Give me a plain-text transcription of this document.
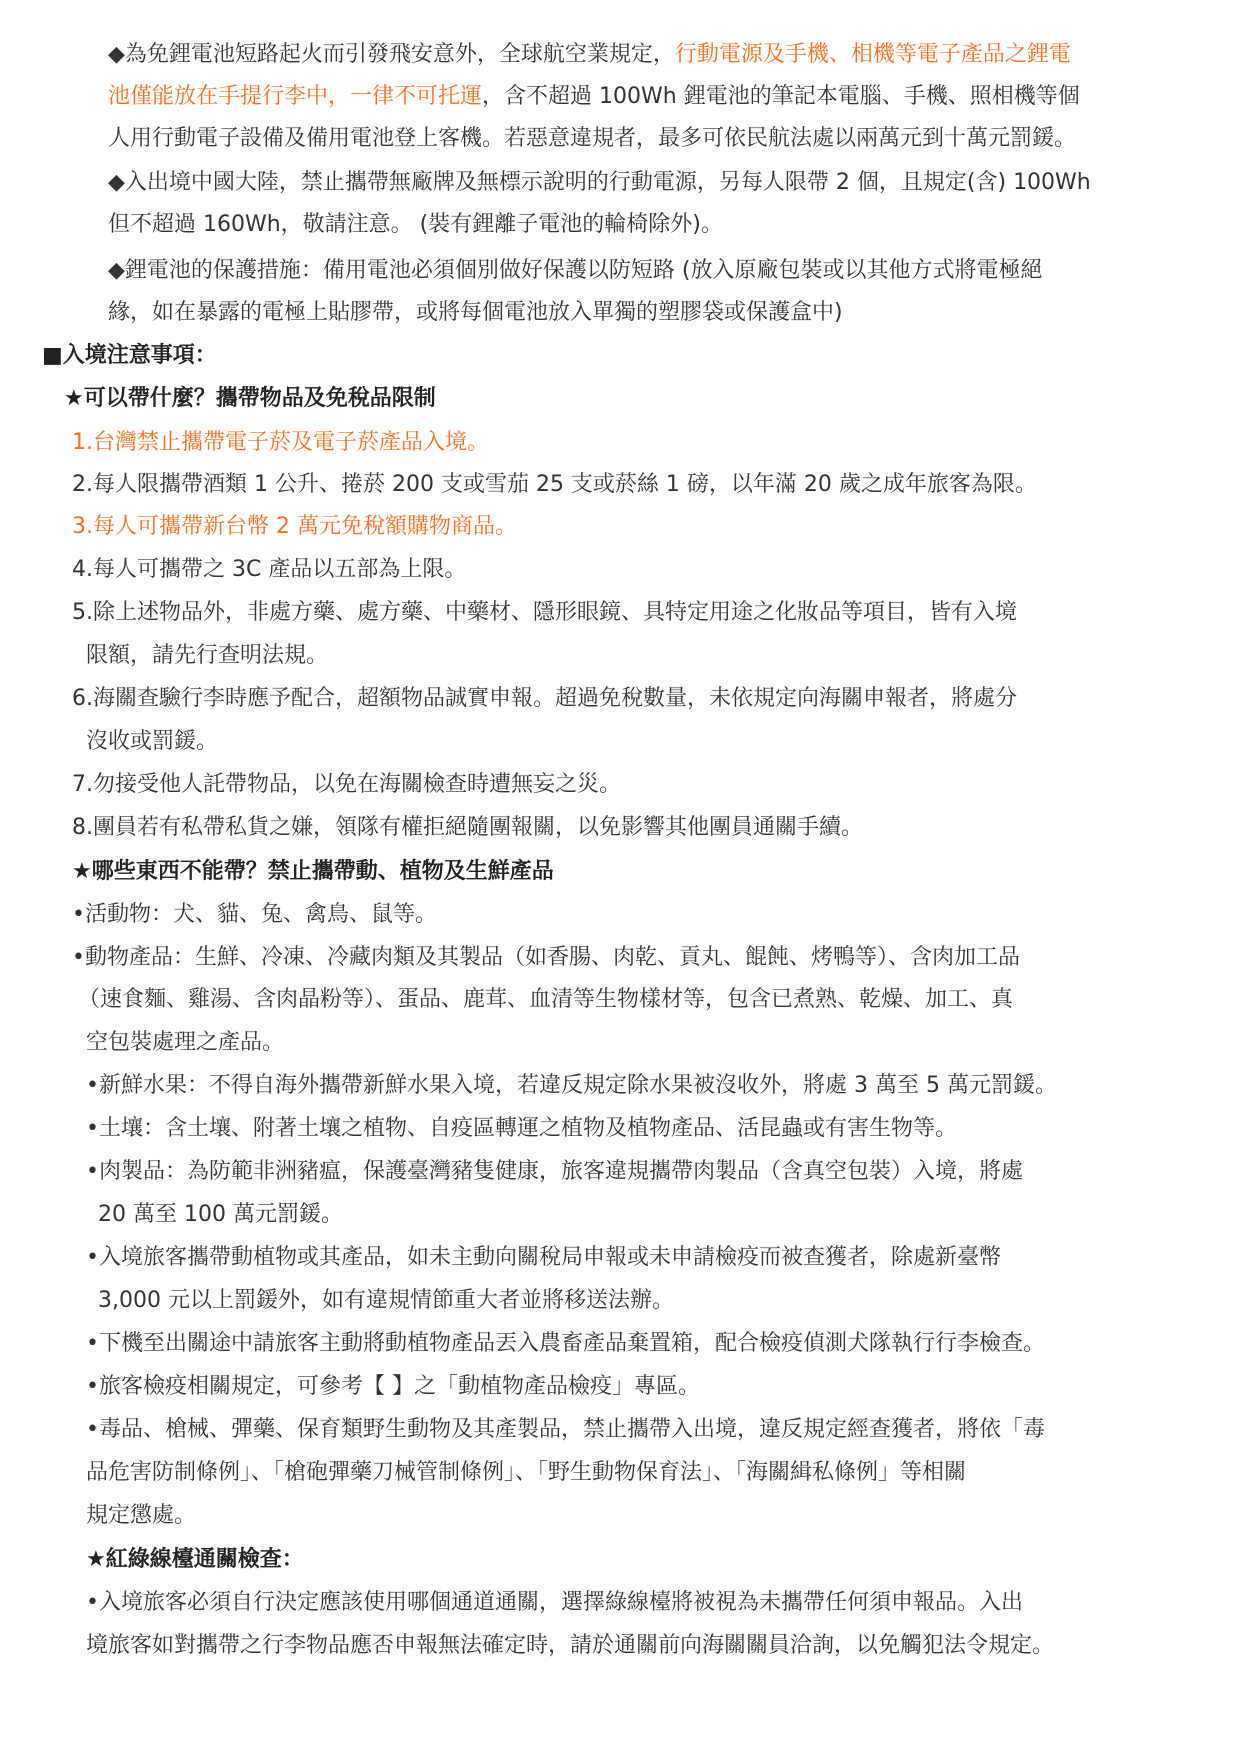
◆為免鋰電池短路起火而引發飛安意外，全球航空業規定，行動電源及手機、相機等電子產品之鋰電
池僅能放在手提行李中，一律不可托運，含不超過 100Wh 鋰電池的筆記本電腦、手機、照相機等個
人用行動電子設備及備用電池登上客機。若惡意違規者，最多可依民航法處以兩萬元到十萬元罰鍰。
◆入出境中國大陸，禁止攜帶無廠牌及無標示說明的行動電源，另每人限帶 2 個，且規定(含) 100Wh
但不超過 160Wh，敬請注意。 (裝有鋰離子電池的輪椅除外)。
◆鋰電池的保護措施：備用電池必須個別做好保護以防短路 (放入原廠包裝或以其他方式將電極絕
緣，如在暴露的電極上貼膠帶，或將每個電池放入單獨的塑膠袋或保護盒中)
■入境注意事項：
★可以帶什麼？攜帶物品及免稅品限制
1.台灣禁止攜帶電子菸及電子菸產品入境。
2.每人限攜帶酒類 1 公升、捲菸 200 支或雪茄 25 支或菸絲 1 磅，以年滿 20 歲之成年旅客為限。
3.每人可攜帶新台幣 2 萬元免稅額購物商品。
4.每人可攜帶之 3C 產品以五部為上限。
5.除上述物品外，非處方藥、處方藥、中藥材、隱形眼鏡、具特定用途之化妝品等項目，皆有入境
限額，請先行查明法規。
6.海關查驗行李時應予配合，超額物品誠實申報。超過免稅數量，未依規定向海關申報者，將處分
沒收或罰鍰。
7.勿接受他人託帶物品，以免在海關檢查時遭無妄之災。
8.團員若有私帶私貨之嫌，領隊有權拒絕隨團報關，以免影響其他團員通關手續。
★哪些東西不能帶？禁止攜帶動、植物及生鮮產品
•活動物：犬、貓、兔、禽鳥、鼠等。
•動物產品：生鮮、冷凍、冷藏肉類及其製品（如香腸、肉乾、貢丸、餛飩、烤鴨等）、含肉加工品
（速食麵、雞湯、含肉晶粉等）、蛋品、鹿茸、血清等生物樣材等，包含已煮熟、乾燥、加工、真
空包裝處理之產品。
•新鮮水果：不得自海外攜帶新鮮水果入境，若違反規定除水果被沒收外，將處 3 萬至 5 萬元罰鍰。
•土壤：含土壤、附著土壤之植物、自疫區轉運之植物及植物產品、活昆蟲或有害生物等。
•肉製品：為防範非洲豬瘟，保護臺灣豬隻健康，旅客違規攜帶肉製品（含真空包裝）入境，將處
20 萬至 100 萬元罰鍰。
•入境旅客攜帶動植物或其產品，如未主動向關稅局申報或未申請檢疫而被查獲者，除處新臺幣
3,000 元以上罰鍰外，如有違規情節重大者並將移送法辦。
•下機至出關途中請旅客主動將動植物產品丟入農畜產品棄置箱，配合檢疫偵測犬隊執行行李檢查。
•旅客檢疫相關規定，可參考【 】之「動植物產品檢疫」專區。
•毒品、槍械、彈藥、保育類野生動物及其產製品，禁止攜帶入出境，違反規定經查獲者，將依「毒
品危害防制條例」、「槍砲彈藥刀械管制條例」、「野生動物保育法」、「海關緝私條例」等相關
規定懲處。
★紅綠線檯通關檢查：
•入境旅客必須自行決定應該使用哪個通道通關，選擇綠線檯將被視為未攜帶任何須申報品。入出
境旅客如對攜帶之行李物品應否申報無法確定時，請於通關前向海關關員洽詢，以免觸犯法令規定。
